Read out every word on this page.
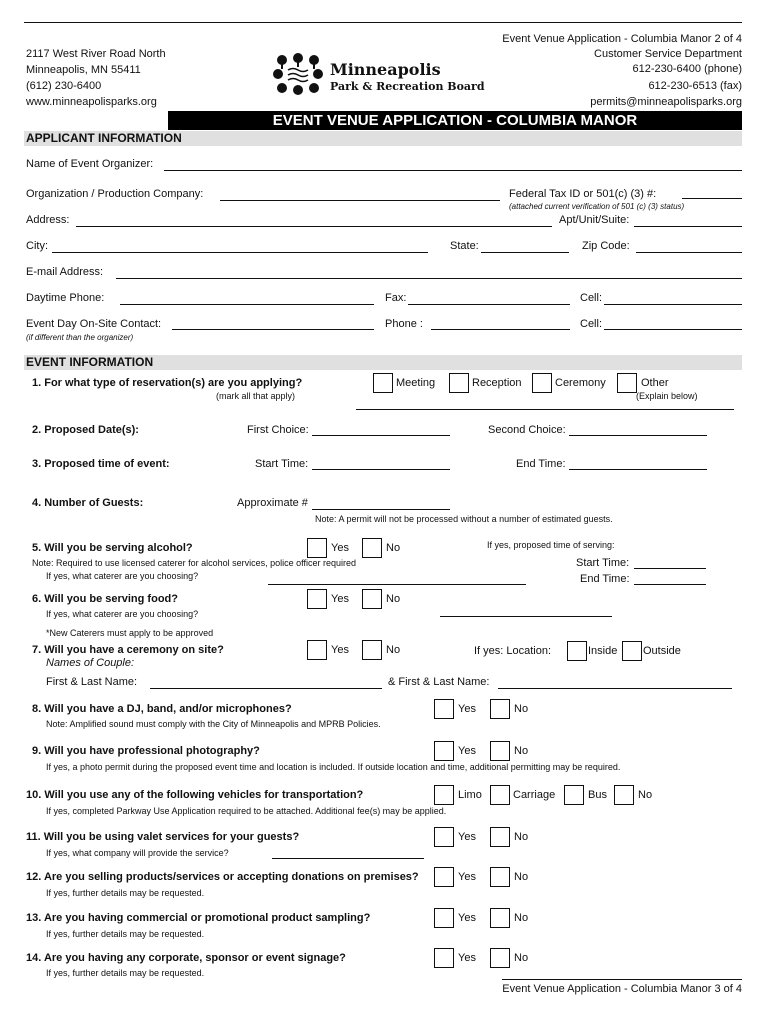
2117 West River Road North
Minneapolis, MN 55411
(612) 230-6400
www.minneapolisparks.org
Minneapolis
Park & Recreation Board
Event Venue Application - Columbia Manor 2 of 4
Customer Service Department
612-230-6400 (phone)
612-230-6513 (fax)
permits@minneapolisparks.org
EVENT VENUE APPLICATION - COLUMBIA MANOR
APPLICANT INFORMATION
Name of Event Organizer:
Organization / Production Company:	Federal Tax ID or 501(c) (3) #:
(attached current verification of 501 (c) (3) status)
Address:	Apt/Unit/Suite:
City:	State:	Zip Code:
E-mail Address:
Daytime Phone:	Fax:	Cell:
Event Day On-Site Contact:	Phone :	Cell:
(if different than the organizer)
EVENT INFORMATION
1. For what type of reservation(s) are you applying?
(mark all that apply)
Meeting	Reception	Ceremony	Other
(Explain below)
2. Proposed Date(s):	First Choice:	Second Choice:
3. Proposed time of event:	Start Time:	End Time:
4. Number of Guests:	Approximate #
Note: A permit will not be processed without a number of estimated guests.
5. Will you be serving alcohol?	Yes	No
Note: Required to use licensed caterer for alcohol services, police officer required
If yes, what caterer are you choosing?
If yes, proposed time of serving:
Start Time:
End Time:
6. Will you be serving food?	Yes	No
If yes, what caterer are you choosing?
*New Caterers must apply to be approved
7. Will you have a ceremony on site?	Yes	No	If yes: Location:	Inside Outside
Names of Couple:
First & Last Name:	& First & Last Name:
8. Will you have a DJ, band, and/or microphones?
Note: Amplified sound must comply with the City of Minneapolis and MPRB Policies.
Yes	No
9. Will you have professional photography?	Yes	No
If yes, a photo permit during the proposed event time and location is included. If outside location and time, additional permitting may be required.
10. Will you use any of the following vehicles for transportation?	Limo	Carriage	Bus	No
If yes, completed Parkway Use Application required to be attached. Additional fee(s) may be applied.
11. Will you be using valet services for your guests?	Yes	No
If yes, what company will provide the service?
12. Are you selling products/services or accepting donations on premises?	Yes	No
If yes, further details may be requested.
13. Are you having commercial or promotional product sampling?	Yes	No
If yes, further details may be requested.
14. Are you having any corporate, sponsor or event signage?	Yes	No
If yes, further details may be requested.
Event Venue Application - Columbia Manor 3 of 4
